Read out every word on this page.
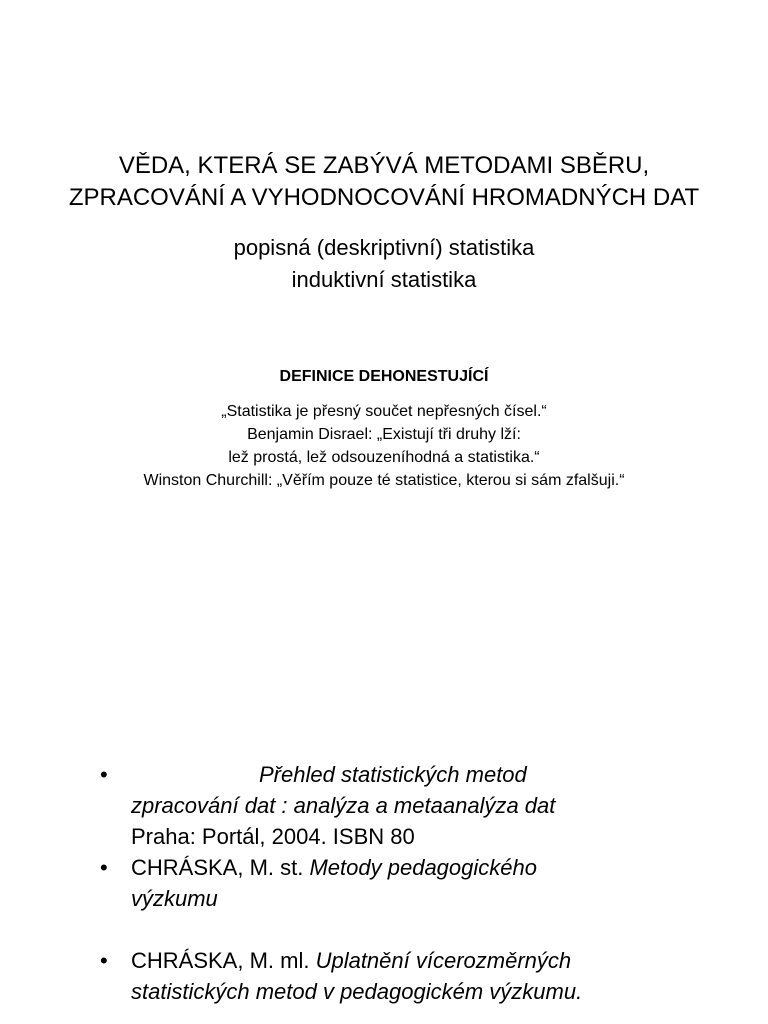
VĚDA, KTERÁ SE ZABÝVÁ METODAMI SBĚRU,
ZPRACOVÁNÍ A VYHODNOCOVÁNÍ HROMADNÝCH DAT
popisná (deskriptivní) statistika
induktivní statistika
DEFINICE DEHONESTUJÍCÍ
„Statistika je přesný součet nepřesných čísel.“
Benjamin Disrael: „Existují tři druhy lží:
lež prostá, lež odsouzeníhodná a statistika.“
Winston Churchill: „Věřím pouze té statistice, kterou si sám zfalšuji.“
•	Přehled statistických metod
zpracování dat : analýza a metaanalýza dat
Praha: Portál, 2004. ISBN 80
• CHRÁSKA, M. st. Metody pedagogického
výzkumu
• CHRÁSKA, M. ml. Uplatnění vícerozměrných
statistických metod v pedagogickém výzkumu.
